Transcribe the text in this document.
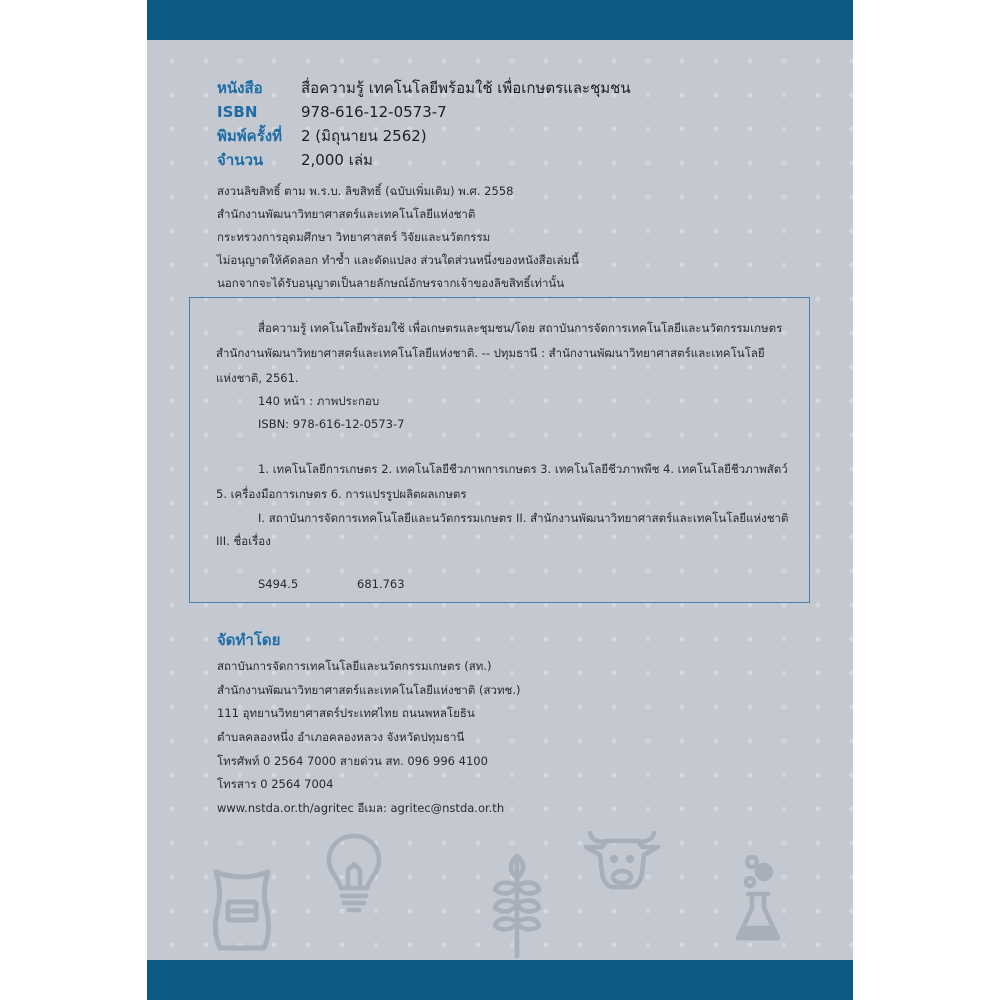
หนังสือ	สื่อความรู้ เทคโนโลยีพร้อมใช้ เพื่อเกษตรและชุมชน
ISBN	978-616-12-0573-7
พิมพ์ครั้งที่	2 (มิถุนายน 2562)
จำนวน	2,000 เล่ม
สงวนลิขสิทธิ์ ตาม พ.ร.บ. ลิขสิทธิ์ (ฉบับเพิ่มเติม) พ.ศ. 2558
สำนักงานพัฒนาวิทยาศาสตร์และเทคโนโลยีแห่งชาติ
กระทรวงการอุดมศึกษา วิทยาศาสตร์ วิจัยและนวัตกรรม
ไม่อนุญาตให้คัดลอก ทำซ้ำ และดัดแปลง ส่วนใดส่วนหนึ่งของหนังสือเล่มนี้
นอกจากจะได้รับอนุญาตเป็นลายลักษณ์อักษรจากเจ้าของลิขสิทธิ์เท่านั้น
สื่อความรู้ เทคโนโลยีพร้อมใช้ เพื่อเกษตรและชุมชน/โดย สถาบันการจัดการเทคโนโลยีและนวัตกรรมเกษตร
สำนักงานพัฒนาวิทยาศาสตร์และเทคโนโลยีแห่งชาติ. -- ปทุมธานี : สำนักงานพัฒนาวิทยาศาสตร์และเทคโนโลยี
แห่งชาติ, 2561.
140 หน้า : ภาพประกอบ
ISBN: 978-616-12-0573-7
1. เทคโนโลยีการเกษตร 2. เทคโนโลยีชีวภาพการเกษตร 3. เทคโนโลยีชีวภาพพืช 4. เทคโนโลยีชีวภาพสัตว์
5. เครื่องมือการเกษตร 6. การแปรรูปผลิตผลเกษตร
I. สถาบันการจัดการเทคโนโลยีและนวัตกรรมเกษตร II. สำนักงานพัฒนาวิทยาศาสตร์และเทคโนโลยีแห่งชาติ
III. ชื่อเรื่อง
S494.5	681.763
จัดทำโดย
สถาบันการจัดการเทคโนโลยีและนวัตกรรมเกษตร (สท.)
สำนักงานพัฒนาวิทยาศาสตร์และเทคโนโลยีแห่งชาติ (สวทช.)
111 อุทยานวิทยาศาสตร์ประเทศไทย ถนนพหลโยธิน
ตำบลคลองหนึ่ง อำเภอคลองหลวง จังหวัดปทุมธานี
โทรศัพท์ 0 2564 7000 สายด่วน สท. 096 996 4100
โทรสาร 0 2564 7004
www.nstda.or.th/agritec อีเมล: agritec@nstda.or.th
